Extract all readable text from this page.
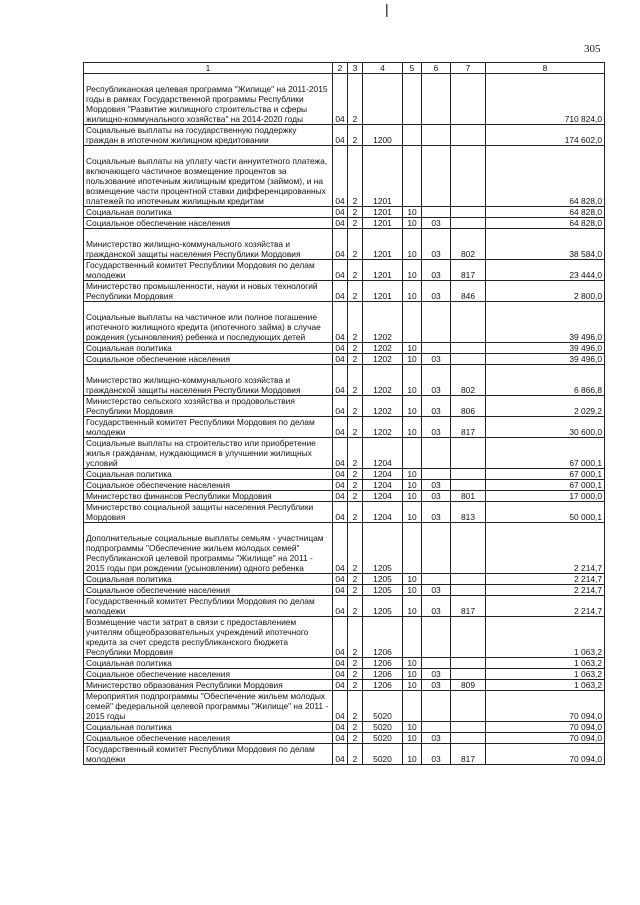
|
305
1	2	3	4	5	6	7	8
Республиканская целевая программа "Жилище" на 2011-2015 годы в рамках Государственной программы Республики Мордовия "Развитие жилищного строительства и сферы жилищно-коммунального хозяйства" на 2014-2020 годы	04	2					710 824,0
Социальные выплаты на государственную поддержку граждан в ипотечном жилищном кредитовании	04	2	1200				174 602,0
Социальные выплаты на уплату части аннуитетного платежа, включающего частичное возмещение процентов за пользование ипотечным жилищным кредитом (займом), и на возмещение части процентной ставки дифференцированных платежей по ипотечным жилищным кредитам	04	2	1201				64 828,0
Социальная политика	04	2	1201	10			64 828,0
Социальное обеспечение населения	04	2	1201	10	03		64 828,0
Министерство жилищно-коммунального хозяйства и гражданской защиты населения Республики Мордовия	04	2	1201	10	03	802	38 584,0
Государственный комитет Республики Мордовия по делам молодежи	04	2	1201	10	03	817	23 444,0
Министерство промышленности, науки и новых технологий Республики Мордовия	04	2	1201	10	03	846	2 800,0
Социальные выплаты на частичное или полное погашение ипотечного жилищного кредита (ипотечного займа) в случае рождения (усыновления) ребенка и последующих детей	04	2	1202				39 496,0
Социальная политика	04	2	1202	10			39 496,0
Социальное обеспечение населения	04	2	1202	10	03		39 496,0
Министерство жилищно-коммунального хозяйства и гражданской защиты населения Республики Мордовия	04	2	1202	10	03	802	6 866,8
Министерство сельского хозяйства и продовольствия Республики Мордовия	04	2	1202	10	03	806	2 029,2
Государственный комитет Республики Мордовия по делам молодежи	04	2	1202	10	03	817	30 600,0
Социальные выплаты на строительство или приобретение жилья гражданам, нуждающимся в улучшении жилищных условий	04	2	1204				67 000,1
Социальная политика	04	2	1204	10			67 000,1
Социальное обеспечение населения	04	2	1204	10	03		67 000,1
Министерство финансов Республики Мордовия	04	2	1204	10	03	801	17 000,0
Министерство социальной защиты населения Республики Мордовия	04	2	1204	10	03	813	50 000,1
Дополнительные социальные выплаты семьям - участницам подпрограммы "Обеспечение жильем молодых семей" Республиканской целевой программы "Жилище" на 2011 - 2015 годы при рождении (усыновлении) одного ребенка	04	2	1205				2 214,7
Социальная политика	04	2	1205	10			2 214,7
Социальное обеспечение населения	04	2	1205	10	03		2 214,7
Государственный комитет Республики Мордовия по делам молодежи	04	2	1205	10	03	817	2 214,7
Возмещение части затрат в связи с предоставлением учителям общеобразовательных учреждений ипотечного кредита за счет средств республиканского бюджета Республики Мордовия	04	2	1206				1 063,2
Социальная политика	04	2	1206	10			1 063,2
Социальное обеспечение населения	04	2	1206	10	03		1 063,2
Министерство образования Республики Мордовия	04	2	1206	10	03	809	1 063,2
Мероприятия подпрограммы "Обеспечение жильем молодых семей" федеральной целевой программы "Жилище" на 2011 - 2015 годы	04	2	5020				70 094,0
Социальная политика	04	2	5020	10			70 094,0
Социальное обеспечение населения	04	2	5020	10	03		70 094,0
Государственный комитет Республики Мордовия по делам молодежи	04	2	5020	10	03	817	70 094,0
